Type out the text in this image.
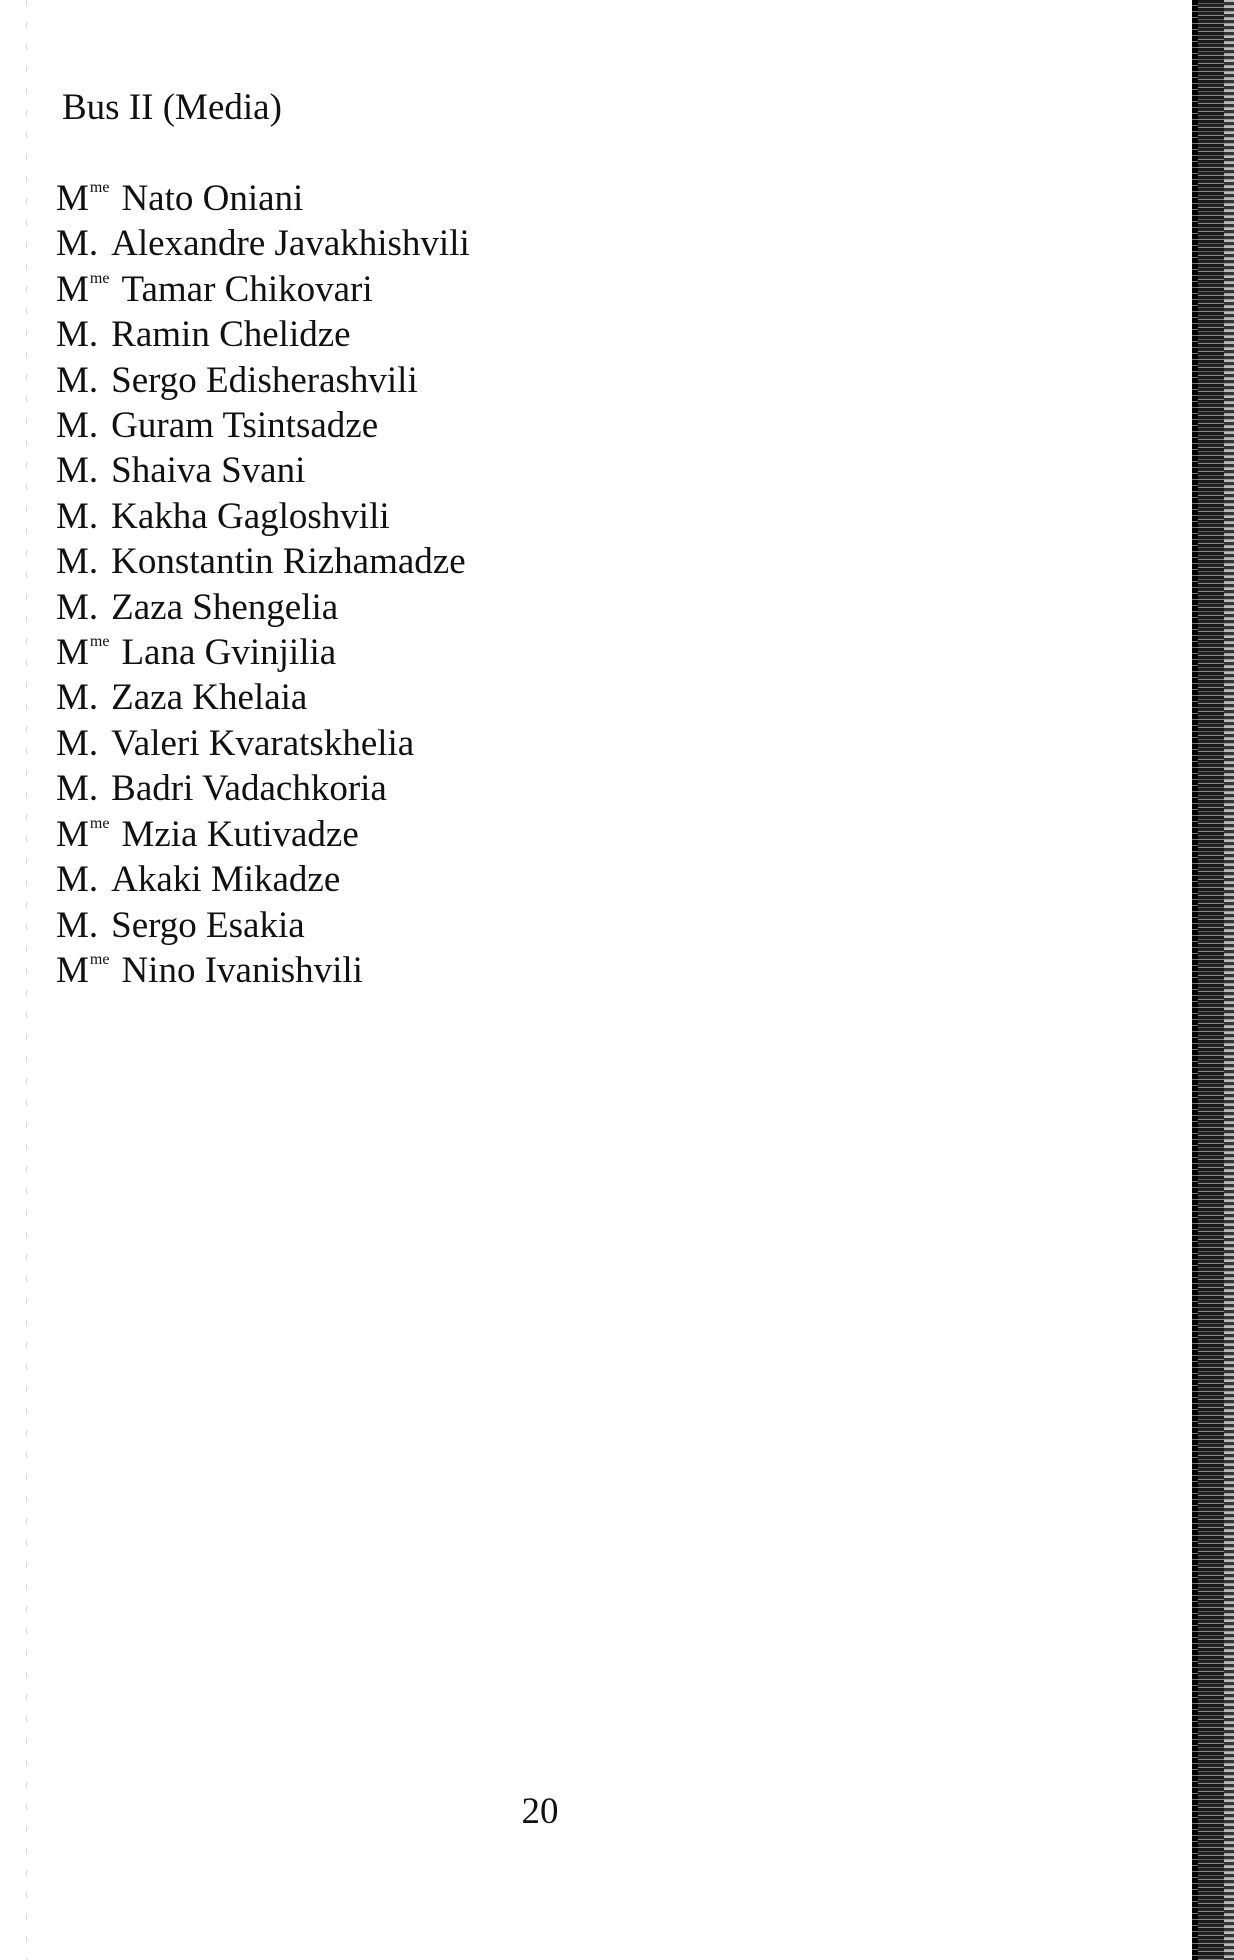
Bus II (Media)
$M^{me}$ Nato Oniani
M. Alexandre Javakhishvili
$M^{me}$ Tamar Chikovari
M. Ramin Chelidze
M. Sergo Edisherashvili
M. Guram Tsintsadze
M. Shaiva Svani
M. Kakha Gagloshvili
M. Konstantin Rizhamadze
M. Zaza Shengelia
$M^{me}$ Lana Gvinjilia
M. Zaza Khelaia
M. Valeri Kvaratskhelia
M. Badri Vadachkoria
$M^{me}$ Mzia Kutivadze
M. Akaki Mikadze
M. Sergo Esakia
$M^{me}$ Nino Ivanishvili
20
